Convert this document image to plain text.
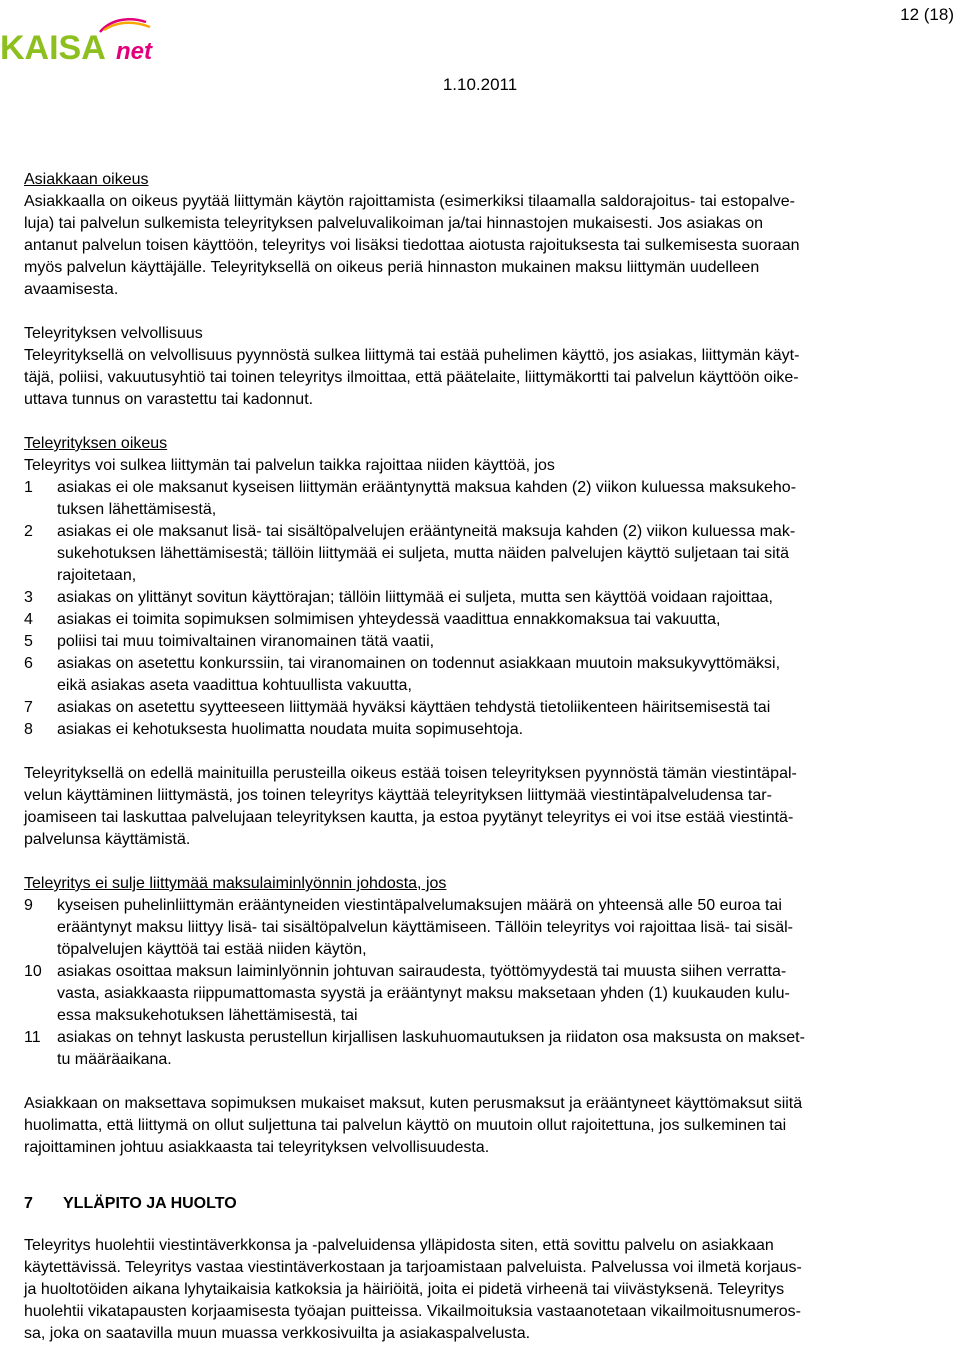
KAISA net
12 (18)
1.10.2011

Asiakkaan oikeus

Asiakkaalla on oikeus pyytää liittymän käytön rajoittamista (esimerkiksi tilaamalla saldorajoitus- tai estopalve-

luja) tai palvelun sulkemista teleyrityksen palveluvalikoiman ja/tai hinnastojen mukaisesti. Jos asiakas on

antanut palvelun toisen käyttöön, teleyritys voi lisäksi tiedottaa aiotusta rajoituksesta tai sulkemisesta suoraan

myös palvelun käyttäjälle. Teleyrityksellä on oikeus periä hinnaston mukainen maksu liittymän uudelleen

avaamisesta.

Teleyrityksen velvollisuus

Teleyrityksellä on velvollisuus pyynnöstä sulkea liittymä tai estää puhelimen käyttö, jos asiakas, liittymän käyt-

täjä, poliisi, vakuutusyhtiö tai toinen teleyritys ilmoittaa, että päätelaite, liittymäkortti tai palvelun käyttöön oike-

uttava tunnus on varastettu tai kadonnut.

Teleyrityksen oikeus

Teleyritys voi sulkea liittymän tai palvelun taikka rajoittaa niiden käyttöä, jos

1 asiakas ei ole maksanut kyseisen liittymän erääntynyttä maksua kahden (2) viikon kuluessa maksukeho-

tuksen lähettämisestä,

2 asiakas ei ole maksanut lisä- tai sisältöpalvelujen erääntyneitä maksuja kahden (2) viikon kuluessa mak-

sukehotuksen lähettämisestä; tällöin liittymää ei suljeta, mutta näiden palvelujen käyttö suljetaan tai sitä

rajoitetaan,

3 asiakas on ylittänyt sovitun käyttörajan; tällöin liittymää ei suljeta, mutta sen käyttöä voidaan rajoittaa,

4 asiakas ei toimita sopimuksen solmimisen yhteydessä vaadittua ennakkomaksua tai vakuutta,

5 poliisi tai muu toimivaltainen viranomainen tätä vaatii,

6 asiakas on asetettu konkurssiin, tai viranomainen on todennut asiakkaan muutoin maksukyvyttömäksi,

eikä asiakas aseta vaadittua kohtuullista vakuutta,

7 asiakas on asetettu syytteeseen liittymää hyväksi käyttäen tehdystä tietoliikenteen häiritsemisestä tai

8 asiakas ei kehotuksesta huolimatta noudata muita sopimusehtoja.

Teleyrityksellä on edellä mainituilla perusteilla oikeus estää toisen teleyrityksen pyynnöstä tämän viestintäpal-

velun käyttäminen liittymästä, jos toinen teleyritys käyttää teleyrityksen liittymää viestintäpalveludensa tar-

joamiseen tai laskuttaa palvelujaan teleyrityksen kautta, ja estoa pyytänyt teleyritys ei voi itse estää viestintä-

palvelunsa käyttämistä.

Teleyritys ei sulje liittymää maksulaiminlyönnin johdosta, jos

9 kyseisen puhelinliittymän erääntyneiden viestintäpalvelumaksujen määrä on yhteensä alle 50 euroa tai

erääntynyt maksu liittyy lisä- tai sisältöpalvelun käyttämiseen. Tällöin teleyritys voi rajoittaa lisä- tai sisäl-

töpalvelujen käyttöä tai estää niiden käytön,

10 asiakas osoittaa maksun laiminlyönnin johtuvan sairaudesta, työttömyydestä tai muusta siihen verratta-

vasta, asiakkaasta riippumattomasta syystä ja erääntynyt maksu maksetaan yhden (1) kuukauden kulu-

essa maksukehotuksen lähettämisestä, tai

11 asiakas on tehnyt laskusta perustellun kirjallisen laskuhuomautuksen ja riidaton osa maksusta on makset-

tu määräaikana.

Asiakkaan on maksettava sopimuksen mukaiset maksut, kuten perusmaksut ja erääntyneet käyttömaksut siitä

huolimatta, että liittymä on ollut suljettuna tai palvelun käyttö on muutoin ollut rajoitettuna, jos sulkeminen tai

rajoittaminen johtuu asiakkaasta tai teleyrityksen velvollisuudesta.

7	YLLÄPITO JA HUOLTO

Teleyritys huolehtii viestintäverkkonsa ja -palveluidensa ylläpidosta siten, että sovittu palvelu on asiakkaan

käytettävissä. Teleyritys vastaa viestintäverkostaan ja tarjoamistaan palveluista. Palvelussa voi ilmetä korjaus-

ja huoltotöiden aikana lyhytaikaisia katkoksia ja häiriöitä, joita ei pidetä virheenä tai viivästyksenä. Teleyritys

huolehtii vikatapausten korjaamisesta työajan puitteissa. Vikailmoituksia vastaanotetaan vikailmoitusnumeros-

sa, joka on saatavilla muun muassa verkkosivuilta ja asiakaspalvelusta.
